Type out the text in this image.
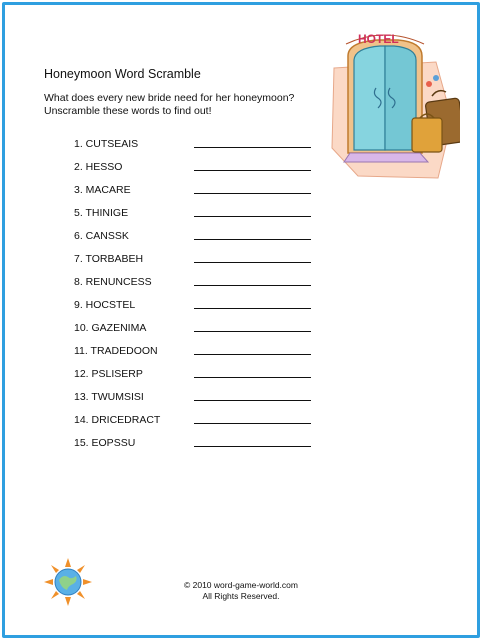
Honeymoon Word Scramble
What does every new bride need for her honeymoon?
Unscramble these words to find out!
1. CUTSEAIS
2. HESSO
3. MACARE
5. THINIGE
6. CANSSK
7. TORBABEH
8. RENUNCESS
9. HOCSTEL
10. GAZENIMA
11. TRADEDOON
12. PSLISERP
13. TWUMSISI
14. DRICEDRACT
15. EOPSSU
HOTEL
© 2010 word-game-world.com
All Rights Reserved.
